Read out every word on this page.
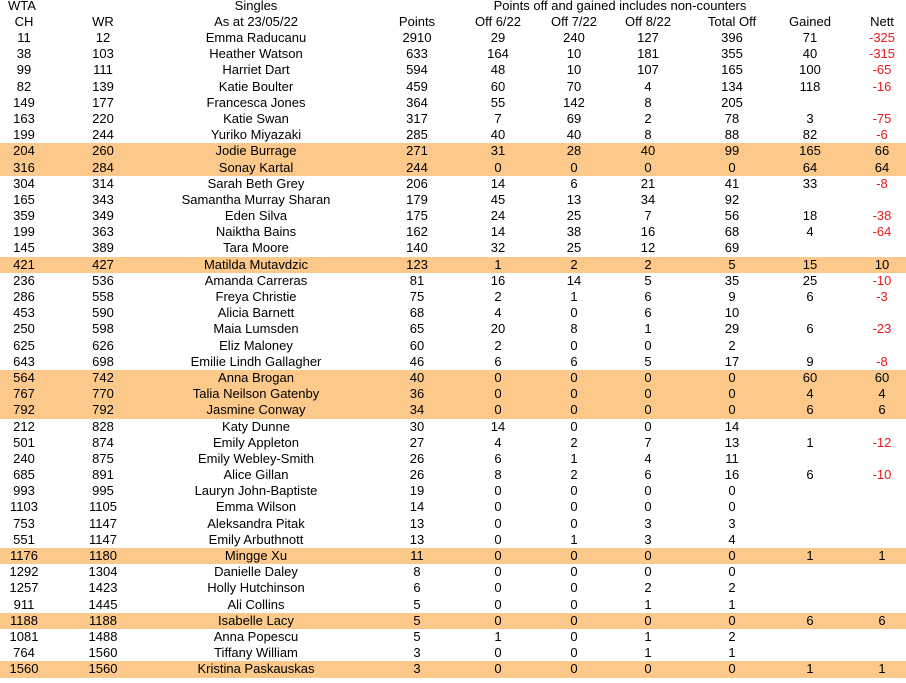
WTA	Singles	Points off and gained includes non-counters
CH	WR	As at 23/05/22	Points	Off 6/22	Off 7/22	Off 8/22	Total Off	Gained	Nett
11	12	Emma Raducanu	2910	29	240	127	396	71	-325
38	103	Heather Watson	633	164	10	181	355	40	-315
99	111	Harriet Dart	594	48	10	107	165	100	-65
82	139	Katie Boulter	459	60	70	4	134	118	-16
149	177	Francesca Jones	364	55	142	8	205
163	220	Katie Swan	317	7	69	2	78	3	-75
199	244	Yuriko Miyazaki	285	40	40	8	88	82	-6
204	260	Jodie Burrage	271	31	28	40	99	165	66
316	284	Sonay Kartal	244	0	0	0	0	64	64
304	314	Sarah Beth Grey	206	14	6	21	41	33	-8
165	343	Samantha Murray Sharan	179	45	13	34	92
359	349	Eden Silva	175	24	25	7	56	18	-38
199	363	Naiktha Bains	162	14	38	16	68	4	-64
145	389	Tara Moore	140	32	25	12	69
421	427	Matilda Mutavdzic	123	1	2	2	5	15	10
236	536	Amanda Carreras	81	16	14	5	35	25	-10
286	558	Freya Christie	75	2	1	6	9	6	-3
453	590	Alicia Barnett	68	4	0	6	10
250	598	Maia Lumsden	65	20	8	1	29	6	-23
625	626	Eliz Maloney	60	2	0	0	2
643	698	Emilie Lindh Gallagher	46	6	6	5	17	9	-8
564	742	Anna Brogan	40	0	0	0	0	60	60
767	770	Talia Neilson Gatenby	36	0	0	0	0	4	4
792	792	Jasmine Conway	34	0	0	0	0	6	6
212	828	Katy Dunne	30	14	0	0	14
501	874	Emily Appleton	27	4	2	7	13	1	-12
240	875	Emily Webley-Smith	26	6	1	4	11
685	891	Alice Gillan	26	8	2	6	16	6	-10
993	995	Lauryn John-Baptiste	19	0	0	0	0
1103	1105	Emma Wilson	14	0	0	0	0
753	1147	Aleksandra Pitak	13	0	0	3	3
551	1147	Emily Arbuthnott	13	0	1	3	4
1176	1180	Mingge Xu	11	0	0	0	0	1	1
1292	1304	Danielle Daley	8	0	0	0	0
1257	1423	Holly Hutchinson	6	0	0	2	2
911	1445	Ali Collins	5	0	0	1	1
1188	1188	Isabelle Lacy	5	0	0	0	0	6	6
1081	1488	Anna Popescu	5	1	0	1	2
764	1560	Tiffany William	3	0	0	1	1
1560	1560	Kristina Paskauskas	3	0	0	0	0	1	1
